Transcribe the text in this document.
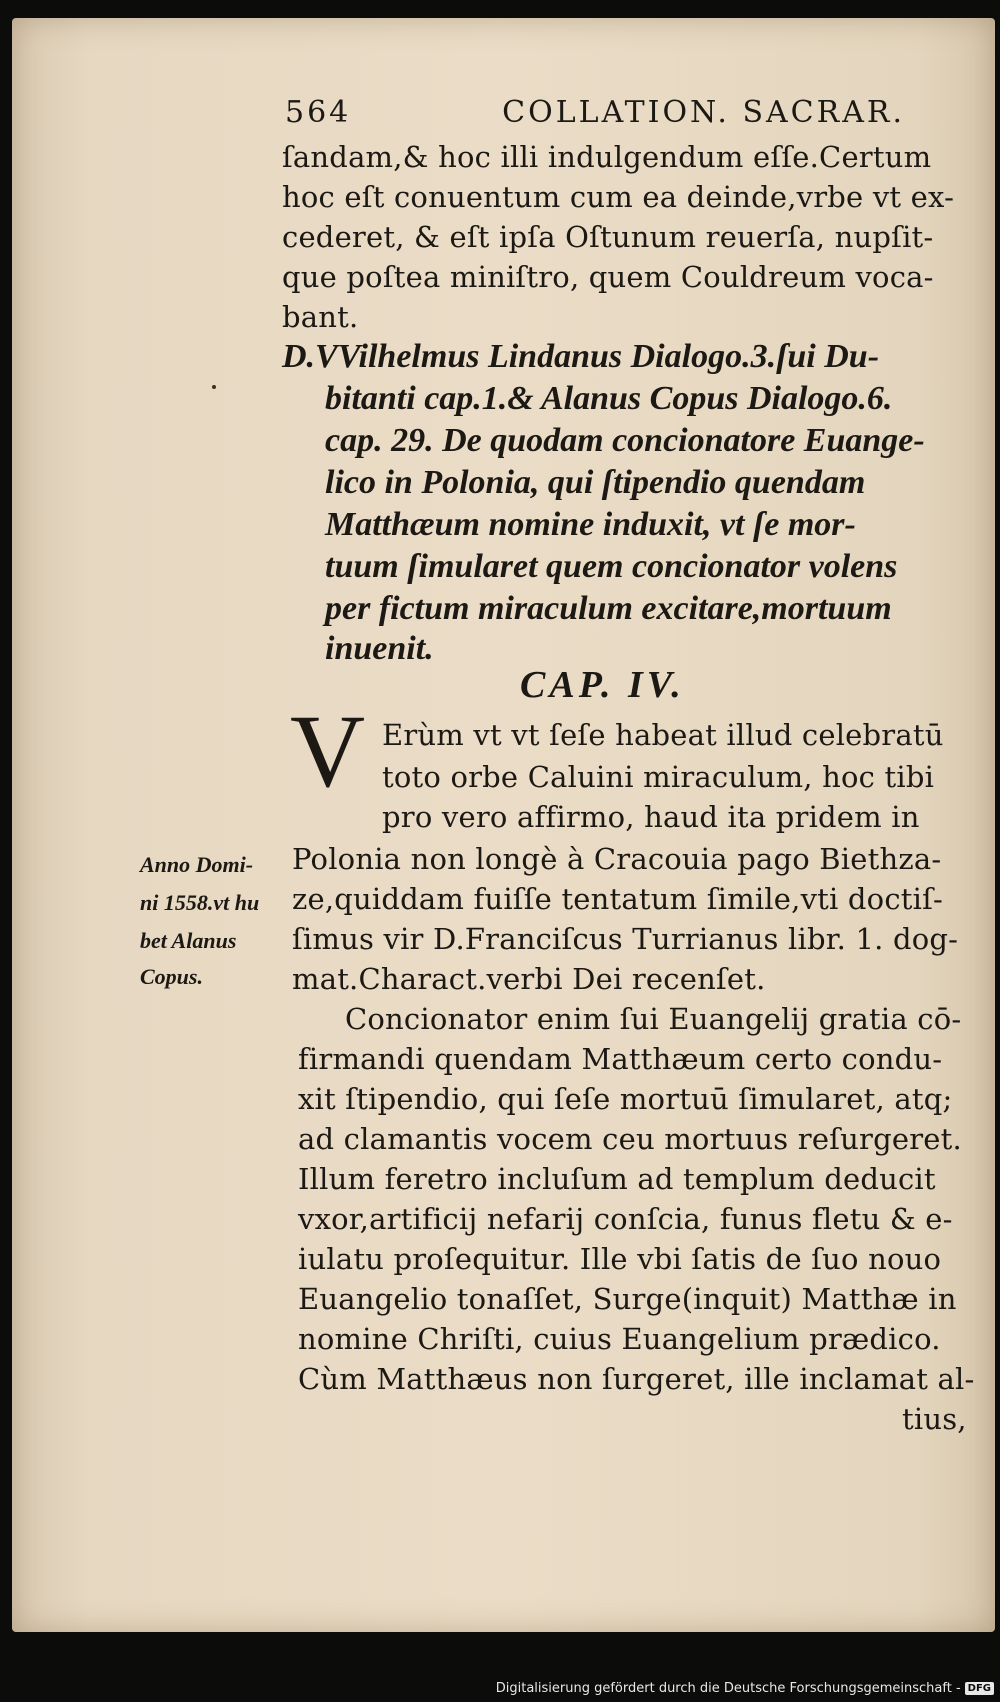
564	COLLATION. SACRAR.
ſandam,& hoc illi indulgendum eſſe.Certum
hoc eſt conuentum cum ea deinde,vrbe vt ex-
cederet, & eſt ipſa Oſtunum reuerſa, nupſit-
que poſtea miniſtro, quem Couldreum voca-
bant.
D.VVilhelmus Lindanus Dialogo.3.ſui Du-
bitanti cap.1.& Alanus Copus Dialogo.6.
cap. 29. De quodam concionatore Euange-
lico in Polonia, qui ſtipendio quendam
Matthæum nomine induxit, vt ſe mor-
tuum ſimularet quem concionator volens
per fictum miraculum excitare,mortuum
inuenit.
CAP. IV.
V Erùm vt vt ſeſe habeat illud celebratū
toto orbe Caluini miraculum, hoc tibi
pro vero affirmo, haud ita pridem in
Polonia non longè à Cracouia pago Biethza-
ze,quiddam fuiſſe tentatum ſimile,vti doctiſ-
ſimus vir D.Franciſcus Turrianus libr. 1. dog-
mat.Charact.verbi Dei recenſet.
Anno Domi-
ni 1558.vt hu
bet Alanus
Copus.
Concionator enim ſui Euangelij gratia cō-
firmandi quendam Matthæum certo condu-
xit ſtipendio, qui ſeſe mortuū ſimularet, atq;
ad clamantis vocem ceu mortuus reſurgeret.
Illum feretro incluſum ad templum deducit
vxor,artificij nefarij conſcia, funus fletu & e-
iulatu proſequitur. Ille vbi ſatis de ſuo nouo
Euangelio tonaſſet, Surge(inquit) Matthæ in
nomine Chriſti, cuius Euangelium prædico.
Cùm Matthæus non ſurgeret, ille inclamat al-
tius,
Digitalisierung gefördert durch die Deutsche Forschungsgemeinschaft - DFG
